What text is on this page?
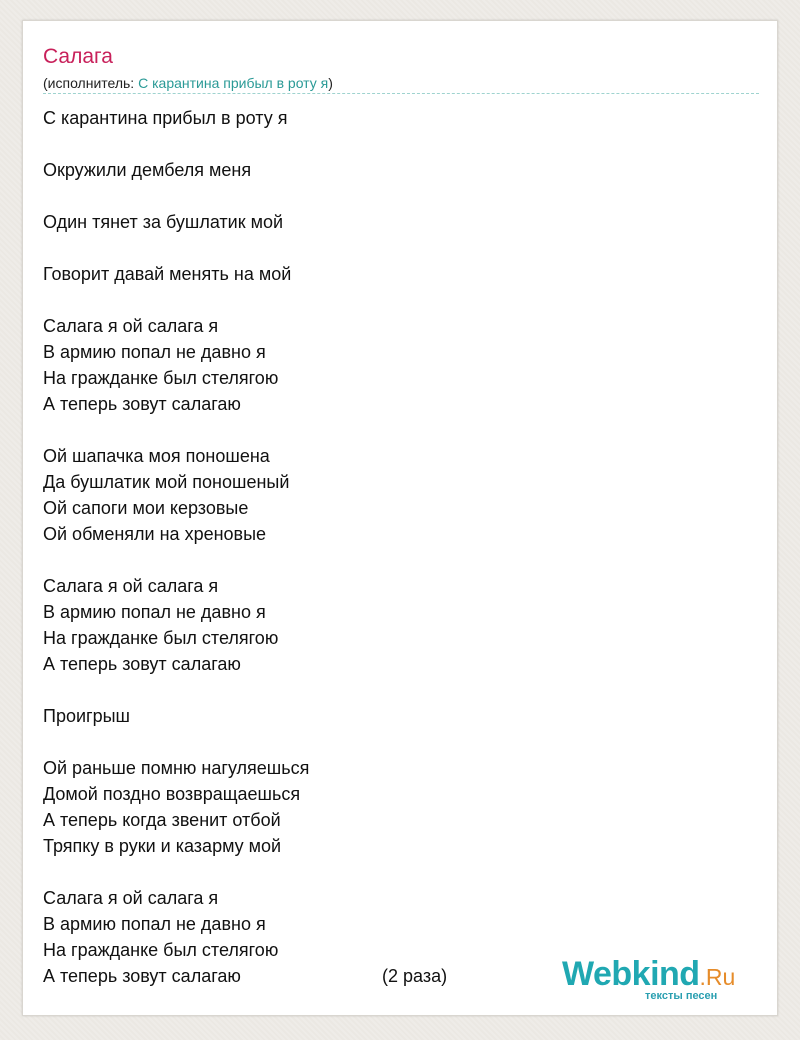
Салага
(исполнитель: С карантина прибыл в роту я)
С карантина прибыл в роту я
Окружили дембеля меня
Один тянет за бушлатик мой
Говорит давай менять на мой
Салага я ой салага я
В армию попал не давно я
На гражданке был стелягою
А теперь зовут салагаю
Ой шапачка моя поношена
Да бушлатик мой поношеный
Ой сапоги мои керзовые
Ой обменяли на хреновые
Салага я ой салага я
В армию попал не давно я
На гражданке был стелягою
А теперь зовут салагаю
Проигрыш
Ой раньше помню нагуляешься
Домой поздно возвращаешься
А теперь когда звенит отбой
Тряпку в руки и казарму мой
Салага я ой салага я
В армию попал не давно я
На гражданке был стелягою
А теперь зовут салагаю	(2 раза)	Webkind.Ru
тексты песен
